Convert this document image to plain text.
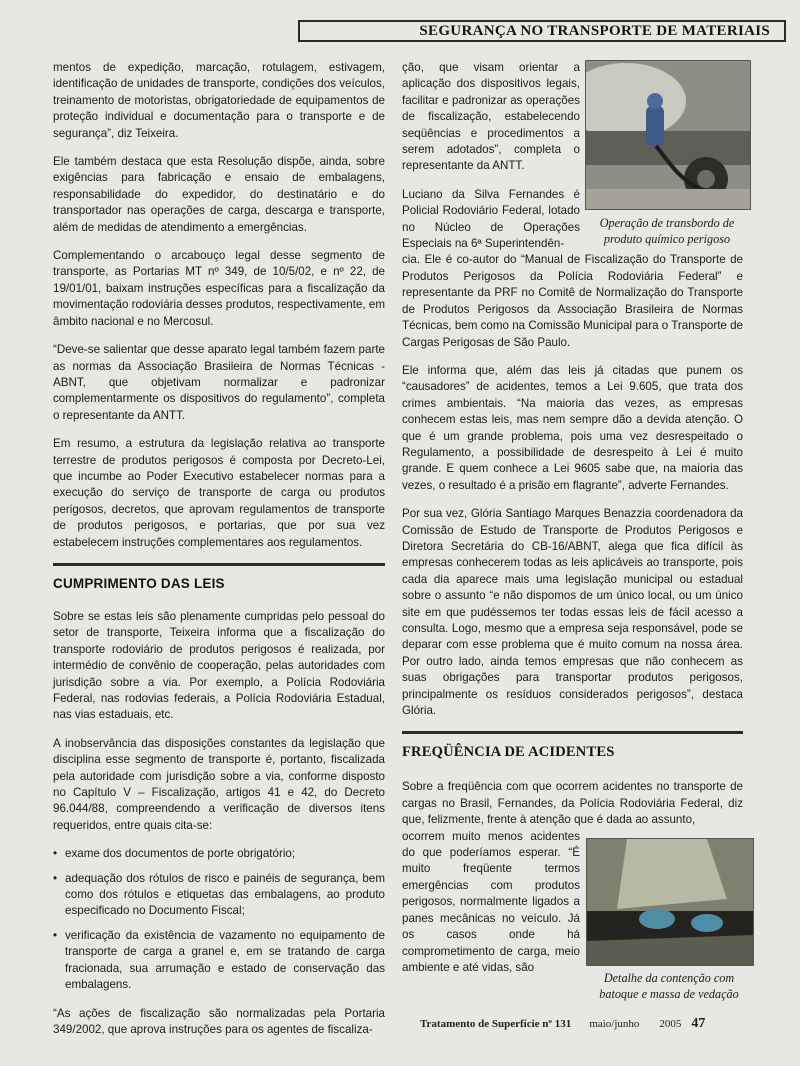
SEGURANÇA NO TRANSPORTE DE MATERIAIS

mentos de expedição, marcação, rotulagem, estivagem, identificação de unidades de transporte, condições dos veículos, treinamento de motoristas, obrigatoriedade de equipamentos de proteção individual e documentação para o transporte e de segurança”, diz Teixeira.

Ele também destaca que esta Resolução dispõe, ainda, sobre exigências para fabricação e ensaio de embalagens, responsabilidade do expedidor, do destinatário e do transportador nas operações de carga, descarga e transporte, além de medidas de atendimento a emergências.

Complementando o arcabouço legal desse segmento de transporte, as Portarias MT nº 349, de 10/5/02, e nº 22, de 19/01/01, baixam instruções específicas para a fiscalização da movimentação rodoviária desses produtos, respectivamente, em âmbito nacional e no Mercosul.

“Deve-se salientar que desse aparato legal também fazem parte as normas da Associação Brasileira de Normas Técnicas - ABNT, que objetivam normalizar e padronizar complementarmente os dispositivos do regulamento”, completa o representante da ANTT.

Em resumo, a estrutura da legislação relativa ao transporte terrestre de produtos perigosos é composta por Decreto-Lei, que incumbe ao Poder Executivo estabelecer normas para a execução do serviço de transporte de carga ou produtos perigosos, decretos, que aprovam regulamentos de transporte de produtos perigosos, e portarias, que por sua vez estabelecem instruções complementares aos regulamentos.

CUMPRIMENTO DAS LEIS

Sobre se estas leis são plenamente cumpridas pelo pessoal do setor de transporte, Teixeira informa que a fiscalização do transporte rodoviário de produtos perigosos é realizada, por intermédio de convênio de cooperação, pelas autoridades com jurisdição sobre a via. Por exemplo, a Polícia Rodoviária Federal, nas rodovias federais, a Polícia Rodoviária Estadual, nas vias estaduais, etc.

A inobservância das disposições constantes da legislação que disciplina esse segmento de transporte é, portanto, fiscalizada pela autoridade com jurisdição sobre a via, conforme disposto no Capítulo V – Fiscalização, artigos 41 e 42, do Decreto 96.044/88, compreendendo a verificação de diversos itens requeridos, entre quais cita-se:

• exame dos documentos de porte obrigatório;
• adequação dos rótulos de risco e painéis de segurança, bem como dos rótulos e etiquetas das embalagens, ao produto especificado no Documento Fiscal;
• verificação da existência de vazamento no equipamento de transporte de carga a granel e, em se tratando de carga fracionada, sua arrumação e estado de conservação das embalagens.

“As ações de fiscalização são normalizadas pela Portaria 349/2002, que aprova instruções para os agentes de fiscaliza-

ção, que visam orientar a aplicação dos dispositivos legais, facilitar e padronizar as operações de fiscalização, estabelecendo seqüências e procedimentos a serem adotados”, completa o representante da ANTT.

Luciano da Silva Fernandes é Policial Rodoviário Federal, lotado no Núcleo de Operações Especiais na 6ª Superintendên-

cia. Ele é co-autor do “Manual de Fiscalização do Transporte de Produtos Perigosos da Polícia Rodoviária Federal” e representante da PRF no Comitê de Normalização do Transporte de Produtos Perigosos da Associação Brasileira de Normas Técnicas, bem como na Comissão Municipal para o Transporte de Cargas Perigosas de São Paulo.

Ele informa que, além das leis já citadas que punem os “causadores” de acidentes, temos a Lei 9.605, que trata dos crimes ambientais. “Na maioria das vezes, as empresas conhecem estas leis, mas nem sempre dão a devida atenção. O que é um grande problema, pois uma vez desrespeitado o Regulamento, a possibilidade de desrespeito à Lei é muito grande. E quem conhece a Lei 9605 sabe que, na maioria das vezes, o resultado é a prisão em flagrante”, adverte Fernandes.

Por sua vez, Glória Santiago Marques Benazzia coordenadora da Comissão de Estudo de Transporte de Produtos Perigosos e Diretora Secretária do CB-16/ABNT, alega que fica difícil às empresas conhecerem todas as leis aplicáveis ao transporte, pois cada dia aparece mais uma legislação municipal ou estadual sobre o assunto “e não dispomos de um único local, ou um único site em que pudéssemos ter todas essas leis de fácil acesso a consulta. Logo, mesmo que a empresa seja responsável, pode se deparar com esse problema que é muito comum na nossa área. Por outro lado, ainda temos empresas que não conhecem as suas obrigações para transportar produtos perigosos, principalmente os resíduos considerados perigosos”, destaca Glória.

FREQÜÊNCIA DE ACIDENTES

Sobre a freqüência com que ocorrem acidentes no transporte de cargas no Brasil, Fernandes, da Polícia Rodoviária Federal, diz que, felizmente, frente à atenção que é dada ao assunto,

ocorrem muito menos acidentes do que poderíamos esperar. “É muito freqüente termos emergências com produtos perigosos, normalmente ligados a panes mecânicas no veículo. Já os casos onde há comprometimento de carga, meio ambiente e até vidas, são

Operação de transbordo de produto químico perigoso
Detalhe da contenção com batoque e massa de vedação
Tratamento de Superfície nº 131 maio/junho 2005 47
